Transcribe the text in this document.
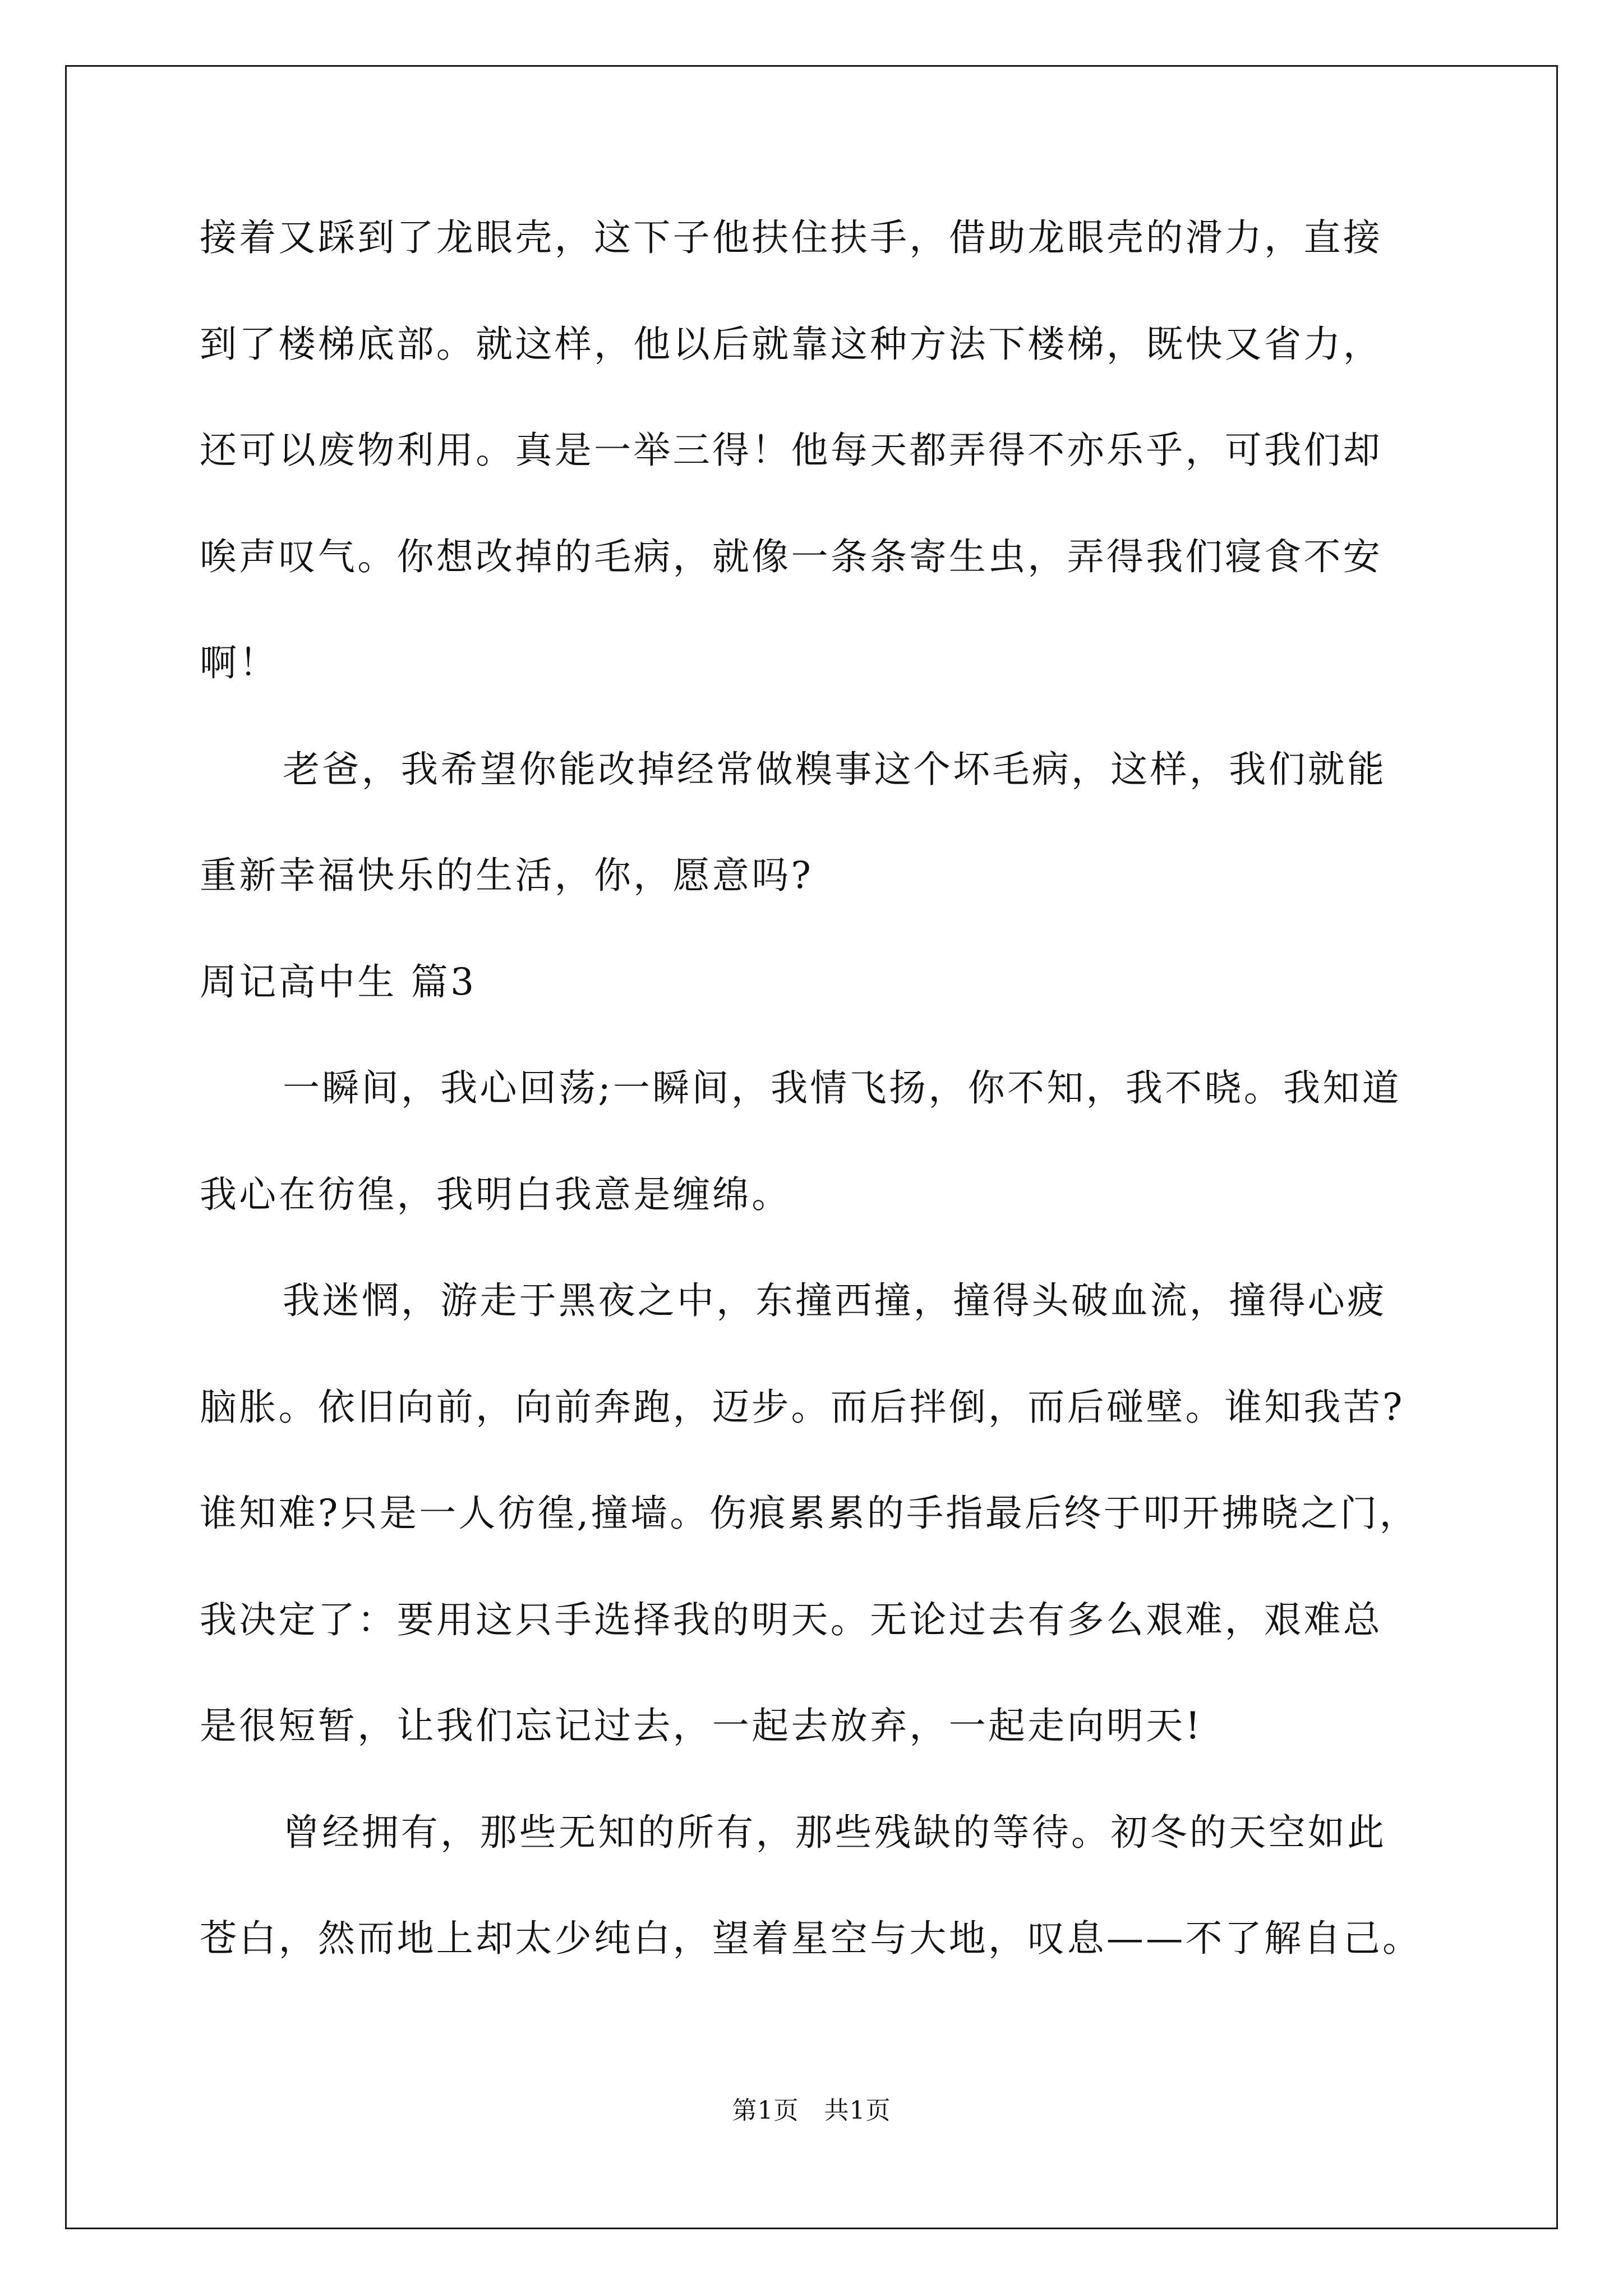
接着又踩到了龙眼壳，这下子他扶住扶手，借助龙眼壳的滑力，直接
到了楼梯底部。就这样，他以后就靠这种方法下楼梯，既快又省力，
还可以废物利用。真是一举三得！他每天都弄得不亦乐乎，可我们却
唉声叹气。你想改掉的毛病，就像一条条寄生虫，弄得我们寝食不安
啊！
老爸，我希望你能改掉经常做糗事这个坏毛病，这样，我们就能
重新幸福快乐的生活，你，愿意吗?
周记高中生 篇3
一瞬间，我心回荡;一瞬间，我情飞扬，你不知，我不晓。我知道
我心在彷徨，我明白我意是缠绵。
我迷惘，游走于黑夜之中，东撞西撞，撞得头破血流，撞得心疲
脑胀。依旧向前，向前奔跑，迈步。而后拌倒，而后碰壁。谁知我苦?
谁知难?只是一人彷徨,撞墙。伤痕累累的手指最后终于叩开拂晓之门，
我决定了：要用这只手选择我的明天。无论过去有多么艰难，艰难总
是很短暂，让我们忘记过去，一起去放弃，一起走向明天!
曾经拥有，那些无知的所有，那些残缺的等待。初冬的天空如此
苍白，然而地上却太少纯白，望着星空与大地，叹息——不了解自己。
第1页   共1页
